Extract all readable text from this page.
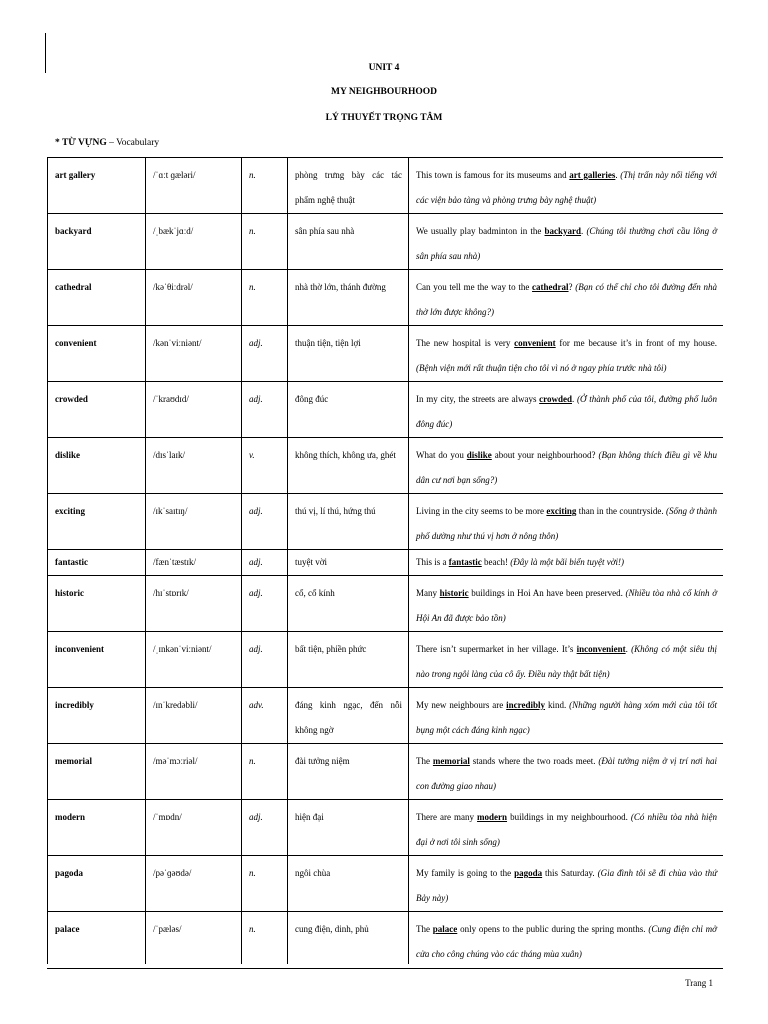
UNIT 4
MY NEIGHBOURHOOD
LÝ THUYẾT TRỌNG TÂM
* TỪ VỰNG – Vocabulary
art gallery	/ˈɑːt ɡæləri/	n.	phòng trưng bày các tác phẩm nghệ thuật	This town is famous for its museums and art galleries. (Thị trấn này nổi tiếng với các viện bảo tàng và phòng trưng bày nghệ thuật)
backyard	/ˌbækˈjɑːd/	n.	sân phía sau nhà	We usually play badminton in the backyard. (Chúng tôi thường chơi cầu lông ở sân phía sau nhà)
cathedral	/kəˈθiːdrəl/	n.	nhà thờ lớn, thánh đường	Can you tell me the way to the cathedral? (Bạn có thể chỉ cho tôi đường đến nhà thờ lớn được không?)
convenient	/kənˈviːniənt/	adj.	thuận tiện, tiện lợi	The new hospital is very convenient for me because it’s in front of my house. (Bệnh viện mới rất thuận tiện cho tôi vì nó ở ngay phía trước nhà tôi)
crowded	/ˈkraʊdɪd/	adj.	đông đúc	In my city, the streets are always crowded. (Ở thành phố của tôi, đường phố luôn đông đúc)
dislike	/dɪsˈlaɪk/	v.	không thích, không ưa, ghét	What do you dislike about your neighbourhood? (Bạn không thích điều gì về khu dân cư nơi bạn sống?)
exciting	/ɪkˈsaɪtɪŋ/	adj.	thú vị, lí thú, hứng thú	Living in the city seems to be more exciting than in the countryside. (Sống ở thành phố dường như thú vị hơn ở nông thôn)
fantastic	/fænˈtæstɪk/	adj.	tuyệt vời	This is a fantastic beach! (Đây là một bãi biển tuyệt vời!)
historic	/hɪˈstɒrɪk/	adj.	cổ, cổ kính	Many historic buildings in Hoi An have been preserved. (Nhiều tòa nhà cổ kính ở Hội An đã được bảo tồn)
inconvenient	/ˌɪnkənˈviːniənt/	adj.	bất tiện, phiền phức	There isn’t supermarket in her village. It’s inconvenient. (Không có một siêu thị nào trong ngôi làng của cô ấy. Điều này thật bất tiện)
incredibly	/ɪnˈkredəbli/	adv.	đáng kinh ngạc, đến nỗi không ngờ	My new neighbours are incredibly kind. (Những người hàng xóm mới của tôi tốt bụng một cách đáng kinh ngạc)
memorial	/məˈmɔːriəl/	n.	đài tưởng niệm	The memorial stands where the two roads meet. (Đài tưởng niệm ở vị trí nơi hai con đường giao nhau)
modern	/ˈmɒdn/	adj.	hiện đại	There are many modern buildings in my neighbourhood. (Có nhiều tòa nhà hiện đại ở nơi tôi sinh sống)
pagoda	/pəˈɡəʊdə/	n.	ngôi chùa	My family is going to the pagoda this Saturday. (Gia đình tôi sẽ đi chùa vào thứ Bảy này)
palace	/ˈpæləs/	n.	cung điện, dinh, phủ	The palace only opens to the public during the spring months. (Cung điện chỉ mở cửa cho công chúng vào các tháng mùa xuân)

Trang 1
